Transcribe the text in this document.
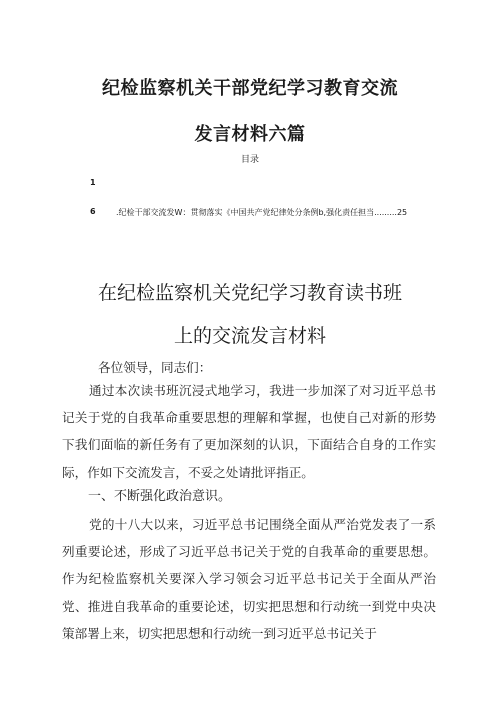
纪检监察机关干部党纪学习教育交流
发言材料六篇
目录
1
6	.纪检干部交流发W：贯彻落实《中国共产党纪律处分条例b,强化责任担当.........25
在纪检监察机关党纪学习教育读书班
上的交流发言材料
各位领导，同志们：

通过本次读书班沉浸式地学习，我进一步加深了对习近平总书记关于党的自我革命重要思想的理解和掌握，也使自己对新的形势下我们面临的新任务有了更加深刻的认识，下面结合自身的工作实际，作如下交流发言，不妥之处请批评指正。

一、不断强化政治意识。

党的十八大以来，习近平总书记围绕全面从严治党发表了一系列重要论述，形成了习近平总书记关于党的自我革命的重要思想。作为纪检监察机关要深入学习领会习近平总书记关于全面从严治党、推进自我革命的重要论述，切实把思想和行动统一到党中央决策部署上来，切实把思想和行动统一到习近平总书记关于
